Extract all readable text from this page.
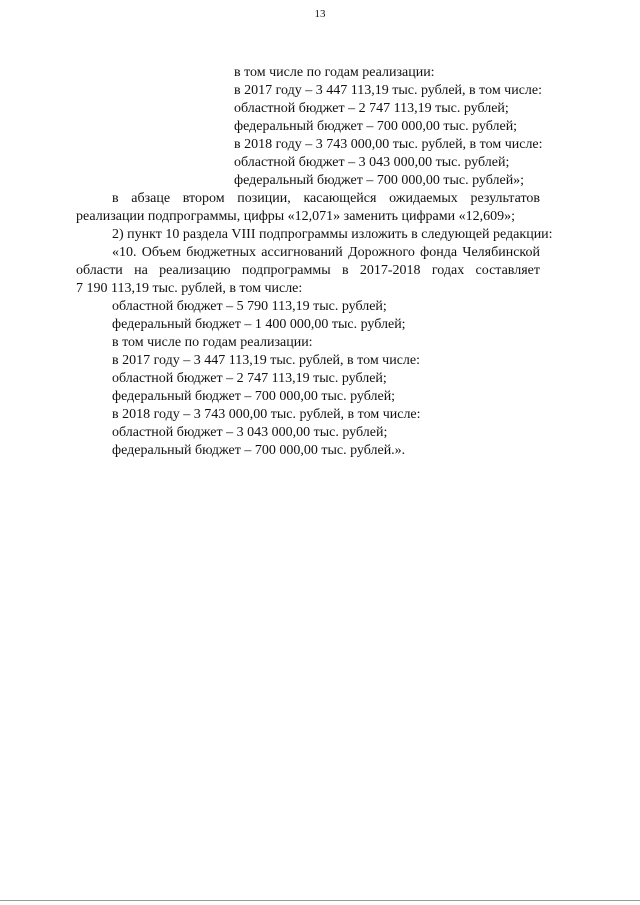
13
в том числе по годам реализации:
в 2017 году – 3 447 113,19 тыс. рублей, в том числе:
областной бюджет – 2 747 113,19 тыс. рублей;
федеральный бюджет – 700 000,00 тыс. рублей;
в 2018 году – 3 743 000,00 тыс. рублей, в том числе:
областной бюджет – 3 043 000,00 тыс. рублей;
федеральный бюджет – 700 000,00 тыс. рублей»;
в абзаце втором позиции, касающейся ожидаемых результатов
реализации подпрограммы, цифры «12,071» заменить цифрами «12,609»;
2) пункт 10 раздела VIII подпрограммы изложить в следующей редакции:
«10. Объем бюджетных ассигнований Дорожного фонда Челябинской
области на реализацию подпрограммы в 2017-2018 годах составляет
7 190 113,19 тыс. рублей, в том числе:
областной бюджет – 5 790 113,19 тыс. рублей;
федеральный бюджет – 1 400 000,00 тыс. рублей;
в том числе по годам реализации:
в 2017 году – 3 447 113,19 тыс. рублей, в том числе:
областной бюджет – 2 747 113,19 тыс. рублей;
федеральный бюджет – 700 000,00 тыс. рублей;
в 2018 году – 3 743 000,00 тыс. рублей, в том числе:
областной бюджет – 3 043 000,00 тыс. рублей;
федеральный бюджет – 700 000,00 тыс. рублей.».
